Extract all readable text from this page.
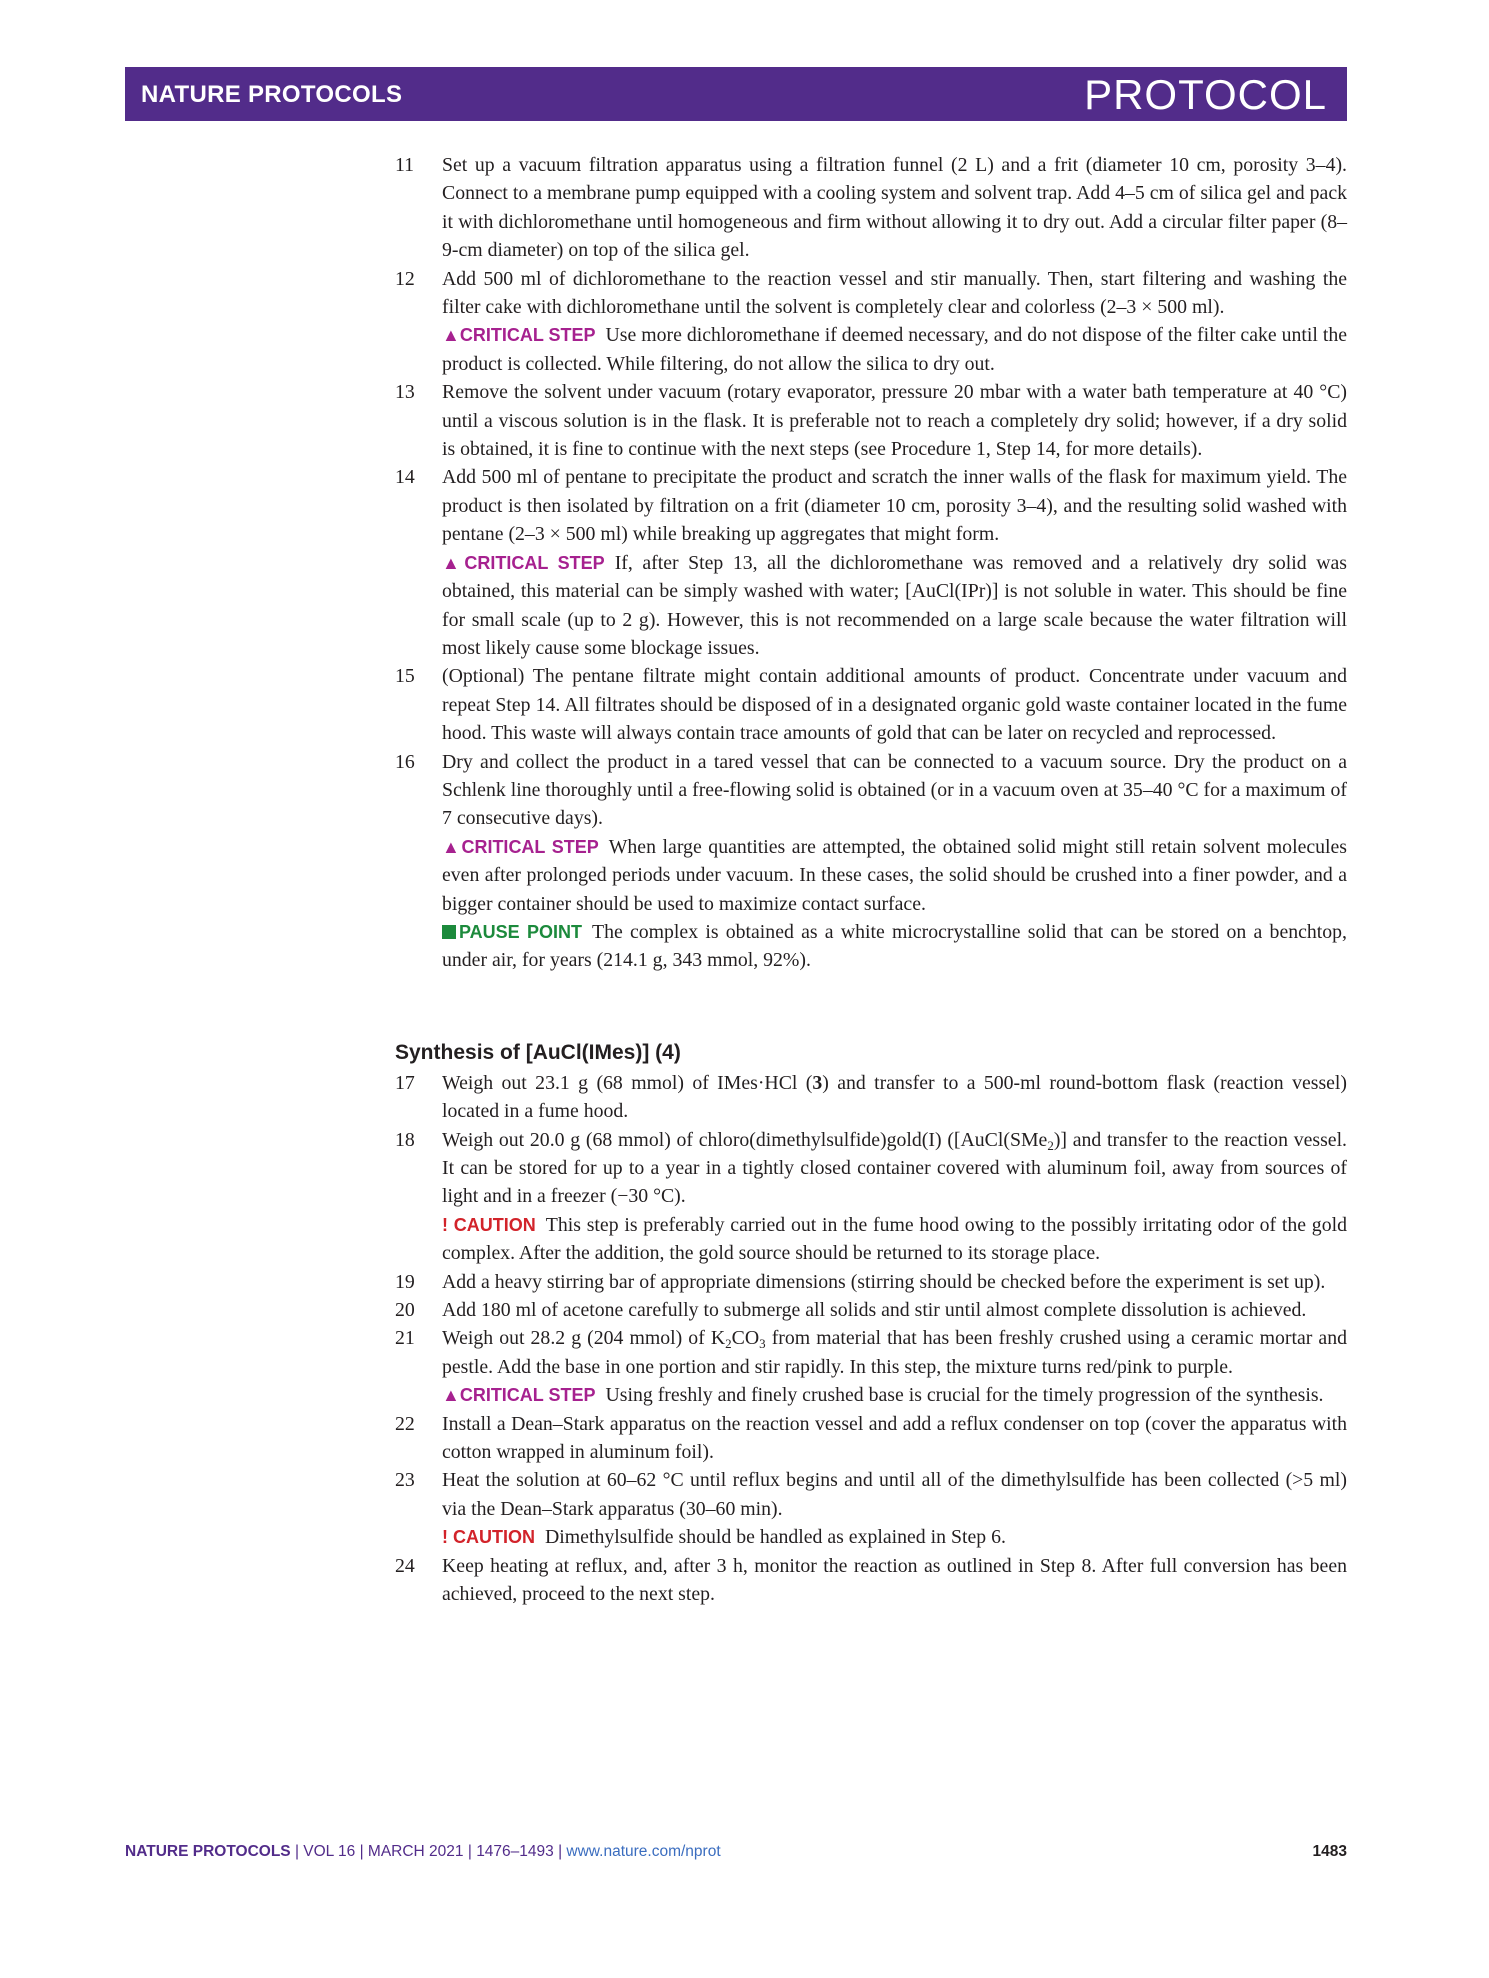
NATURE PROTOCOLS	PROTOCOL
11	Set up a vacuum filtration apparatus using a filtration funnel (2 L) and a frit (diameter 10 cm, porosity 3–4). Connect to a membrane pump equipped with a cooling system and solvent trap. Add 4–5 cm of silica gel and pack it with dichloromethane until homogeneous and firm without allowing it to dry out. Add a circular filter paper (8–9-cm diameter) on top of the silica gel.
12	Add 500 ml of dichloromethane to the reaction vessel and stir manually. Then, start filtering and washing the filter cake with dichloromethane until the solvent is completely clear and colorless (2–3 × 500 ml).
▲CRITICAL STEP Use more dichloromethane if deemed necessary, and do not dispose of the filter cake until the product is collected. While filtering, do not allow the silica to dry out.
13	Remove the solvent under vacuum (rotary evaporator, pressure 20 mbar with a water bath temperature at 40 °C) until a viscous solution is in the flask. It is preferable not to reach a completely dry solid; however, if a dry solid is obtained, it is fine to continue with the next steps (see Procedure 1, Step 14, for more details).
14	Add 500 ml of pentane to precipitate the product and scratch the inner walls of the flask for maximum yield. The product is then isolated by filtration on a frit (diameter 10 cm, porosity 3–4), and the resulting solid washed with pentane (2–3 × 500 ml) while breaking up aggregates that might form.
▲CRITICAL STEP If, after Step 13, all the dichloromethane was removed and a relatively dry solid was obtained, this material can be simply washed with water; [AuCl(IPr)] is not soluble in water. This should be fine for small scale (up to 2 g). However, this is not recommended on a large scale because the water filtration will most likely cause some blockage issues.
15	(Optional) The pentane filtrate might contain additional amounts of product. Concentrate under vacuum and repeat Step 14. All filtrates should be disposed of in a designated organic gold waste container located in the fume hood. This waste will always contain trace amounts of gold that can be later on recycled and reprocessed.
16	Dry and collect the product in a tared vessel that can be connected to a vacuum source. Dry the product on a Schlenk line thoroughly until a free-flowing solid is obtained (or in a vacuum oven at 35–40 °C for a maximum of 7 consecutive days).
▲CRITICAL STEP When large quantities are attempted, the obtained solid might still retain solvent molecules even after prolonged periods under vacuum. In these cases, the solid should be crushed into a finer powder, and a bigger container should be used to maximize contact surface.
PAUSE POINT The complex is obtained as a white microcrystalline solid that can be stored on a benchtop, under air, for years (214.1 g, 343 mmol, 92%).
Synthesis of [AuCl(IMes)] (4)
17	Weigh out 23.1 g (68 mmol) of IMes·HCl (3) and transfer to a 500-ml round-bottom flask (reaction vessel) located in a fume hood.
18	Weigh out 20.0 g (68 mmol) of chloro(dimethylsulfide)gold(I) ([AuCl(SMe$_2$)] and transfer to the reaction vessel. It can be stored for up to a year in a tightly closed container covered with aluminum foil, away from sources of light and in a freezer (−30 °C).
! CAUTION This step is preferably carried out in the fume hood owing to the possibly irritating odor of the gold complex. After the addition, the gold source should be returned to its storage place.
19	Add a heavy stirring bar of appropriate dimensions (stirring should be checked before the experiment is set up).
20	Add 180 ml of acetone carefully to submerge all solids and stir until almost complete dissolution is achieved.
21	Weigh out 28.2 g (204 mmol) of $K_2CO_3$ from material that has been freshly crushed using a ceramic mortar and pestle. Add the base in one portion and stir rapidly. In this step, the mixture turns red/pink to purple.
▲CRITICAL STEP Using freshly and finely crushed base is crucial for the timely progression of the synthesis.
22	Install a Dean–Stark apparatus on the reaction vessel and add a reflux condenser on top (cover the apparatus with cotton wrapped in aluminum foil).
23	Heat the solution at 60–62 °C until reflux begins and until all of the dimethylsulfide has been collected (>5 ml) via the Dean–Stark apparatus (30–60 min).
! CAUTION Dimethylsulfide should be handled as explained in Step 6.
24	Keep heating at reflux, and, after 3 h, monitor the reaction as outlined in Step 8. After full conversion has been achieved, proceed to the next step.
NATURE PROTOCOLS | VOL 16 | MARCH 2021 | 1476–1493 | www.nature.com/nprot	1483
